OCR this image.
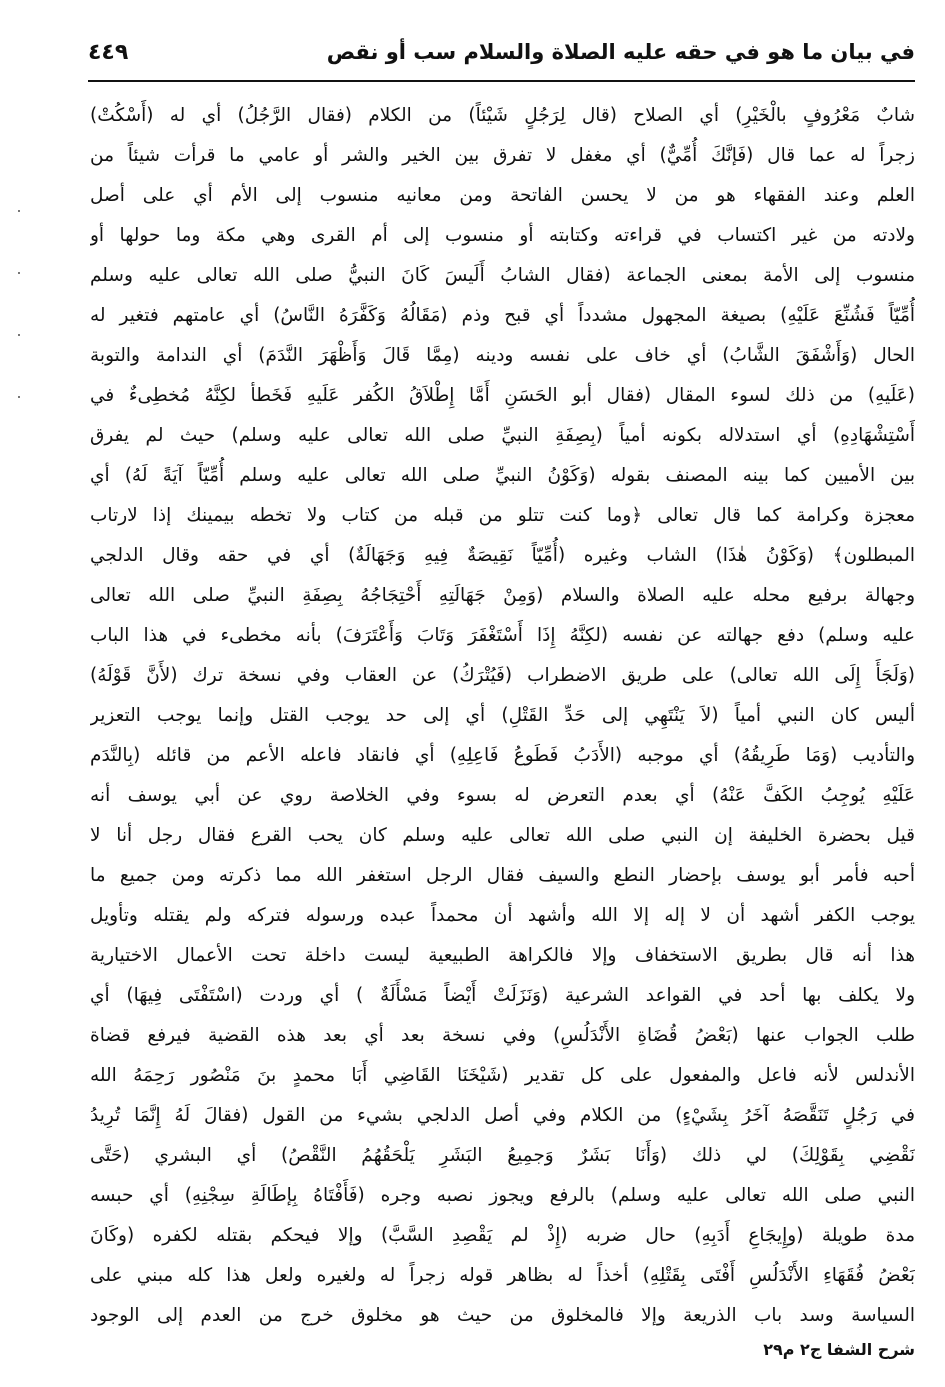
في بيان ما هو في حقه عليه الصلاة والسلام سب أو نقص
٤٤٩
شابٌ مَعْرُوفٍ بالْخَيْرِ) أي الصلاح (قال لِرَجُلٍ شَيْئاً) من الكلام (فقال الرَّجُلُ) أي له (أَسْكُتْ)
زجراً له عما قال (فَإنَّكَ أُمِّيٌّ) أي مغفل لا تفرق بين الخير والشر أو عامي ما قرأت شيئاً من
العلم وعند الفقهاء هو من لا يحسن الفاتحة ومن معانيه منسوب إلى الأم أي على أصل
ولادته من غير اكتساب في قراءته وكتابته أو منسوب إلى أم القرى وهي مكة وما حولها أو
منسوب إلى الأمة بمعنى الجماعة (فقال الشابُ أَلَيسَ كَانَ النبيُّ صلى الله تعالى عليه وسلم
أُمِّيّاً فَشُنِّعَ عَلَيْهِ) بصيغة المجهول مشدداً أي قبح وذم (مَقَالُهُ وَكَفَّرَهُ النَّاسُ) أي عامتهم فتغير له
الحال (وَأَشْفَقَ الشَّابُ) أي خاف على نفسه ودينه (مِمَّا قَالَ وَأَظْهَرَ النَّدَمَ) أي الندامة والتوبة
(عَلَيهِ) من ذلك لسوء المقال (فقال أبو الحَسَنِ أَمَّا إِطْلاَقُ الكُفر عَلَيهِ فَخَطأ لكِنَّهُ مُخطِىءٌ في
أَسْتِشْهَادِهِ) أي استدلاله بكونه أمياً (بِصِفَةِ النبيِّ صلى الله تعالى عليه وسلم) حيث لم يفرق
بين الأميين كما بينه المصنف بقوله (وَكَوْنُ النبيِّ صلى الله تعالى عليه وسلم أُمِّيّاً آيَةً لَهُ) أي
معجزة وكرامة كما قال تعالى ﴿وما كنت تتلو من قبله من كتاب ولا تخطه بيمينك إذا لارتاب
المبطلون﴾ (وَكَوْنُ هٰذَا) الشاب وغيره (أُمِّيّاً نَقِيصَةٌ فِيهِ وَجَهَالَةٌ) أي في حقه وقال الدلجي
وجهالة برفيع محله عليه الصلاة والسلام (وَمِنْ جَهَالَتِهِ أَحْتِجَاجُهُ بِصِفَةِ النبيِّ صلى الله تعالى
عليه وسلم) دفع جهالته عن نفسه (لكِنَّهُ إِذَا أَسْتَغْفَرَ وَتَابَ وَأَعْتَرَفَ) بأنه مخطىء في هذا الباب
(وَلَجَأَ إِلَى الله تعالى) على طريق الاضطراب (فَيُتْرَكُ) عن العقاب وفي نسخة ترك (لأَنَّ قَوْلَهُ)
أليس كان النبي أمياً (لاَ يَنْتَهِي إلى حَدِّ القَتْلِ) أي إلى حد يوجب القتل وإنما يوجب التعزير
والتأديب (وَمَا طَرِيقُهُ) أي موجبه (الأَدَبُ فَطَوعُ فَاعِلِهِ) أي فانقاد فاعله الأعم من قائله (بِالنَّدَم
عَلَيْهِ يُوجِبُ الكَفَّ عَنْهُ) أي بعدم التعرض له بسوء وفي الخلاصة روي عن أبي يوسف أنه
قيل بحضرة الخليفة إن النبي صلى الله تعالى عليه وسلم كان يحب القرع فقال رجل أنا لا
أحبه فأمر أبو يوسف بإحضار النطع والسيف فقال الرجل استغفر الله مما ذكرته ومن جميع ما
يوجب الكفر أشهد أن لا إله إلا الله وأشهد أن محمداً عبده ورسوله فتركه ولم يقتله وتأويل
هذا أنه قال بطريق الاستخفاف وإلا فالكراهة الطبيعية ليست داخلة تحت الأعمال الاختيارية
ولا يكلف بها أحد في القواعد الشرعية (وَنَزَلَتْ أَيْضاً مَسْأَلَةٌ ) أي وردت (اسْتَفْتَى فِيهَا) أي
طلب الجواب عنها (بَعْضُ قُضَاةِ الأَنْدَلُسِ) وفي نسخة بعد أي بعد هذه القضية فيرفع قضاة
الأندلس لأنه فاعل والمفعول على كل تقدير (شَيْخَنَا القَاضِي أَبَا محمدٍ بنَ مَنْصُور رَحِمَهُ الله
في رَجُلٍ تَنَقَّصَهُ آخَرُ بِشَيْءٍ) من الكلام وفي أصل الدلجي بشيء من القول (فقالَ لَهُ إِنَّمَا تُرِيدُ
نَقْضِي بِقَوْلِكَ) لي ذلك (وَأَنَا بَشَرٌ وَجمِيعُ البَشَرِ يَلْحَقُهُمُ النَّقْصُ) أي البشري (حَتَّى
النبي صلى الله تعالى عليه وسلم) بالرفع ويجوز نصبه وجره (فَأَفْتَاهُ بِإطَالَةِ سِجْنِهِ) أي حبسه
مدة طويلة (وإِيجَاعِ أَدَبِهِ) حال ضربه (إِذْ لم يَقْصِدِ السَّبَّ) وإلا فيحكم بقتله لكفره (وكَانَ
بَعْضُ فُقَهَاءِ الأَنْدَلُسِ أَفْتَى بِقَتْلِهِ) أخذاً له بظاهر قوله زجراً له ولغيره ولعل هذا كله مبني على
السياسة وسد باب الذريعة وإلا فالمخلوق من حيث هو مخلوق خرج من العدم إلى الوجود
شرح الشفا ج٢ م٢٩
